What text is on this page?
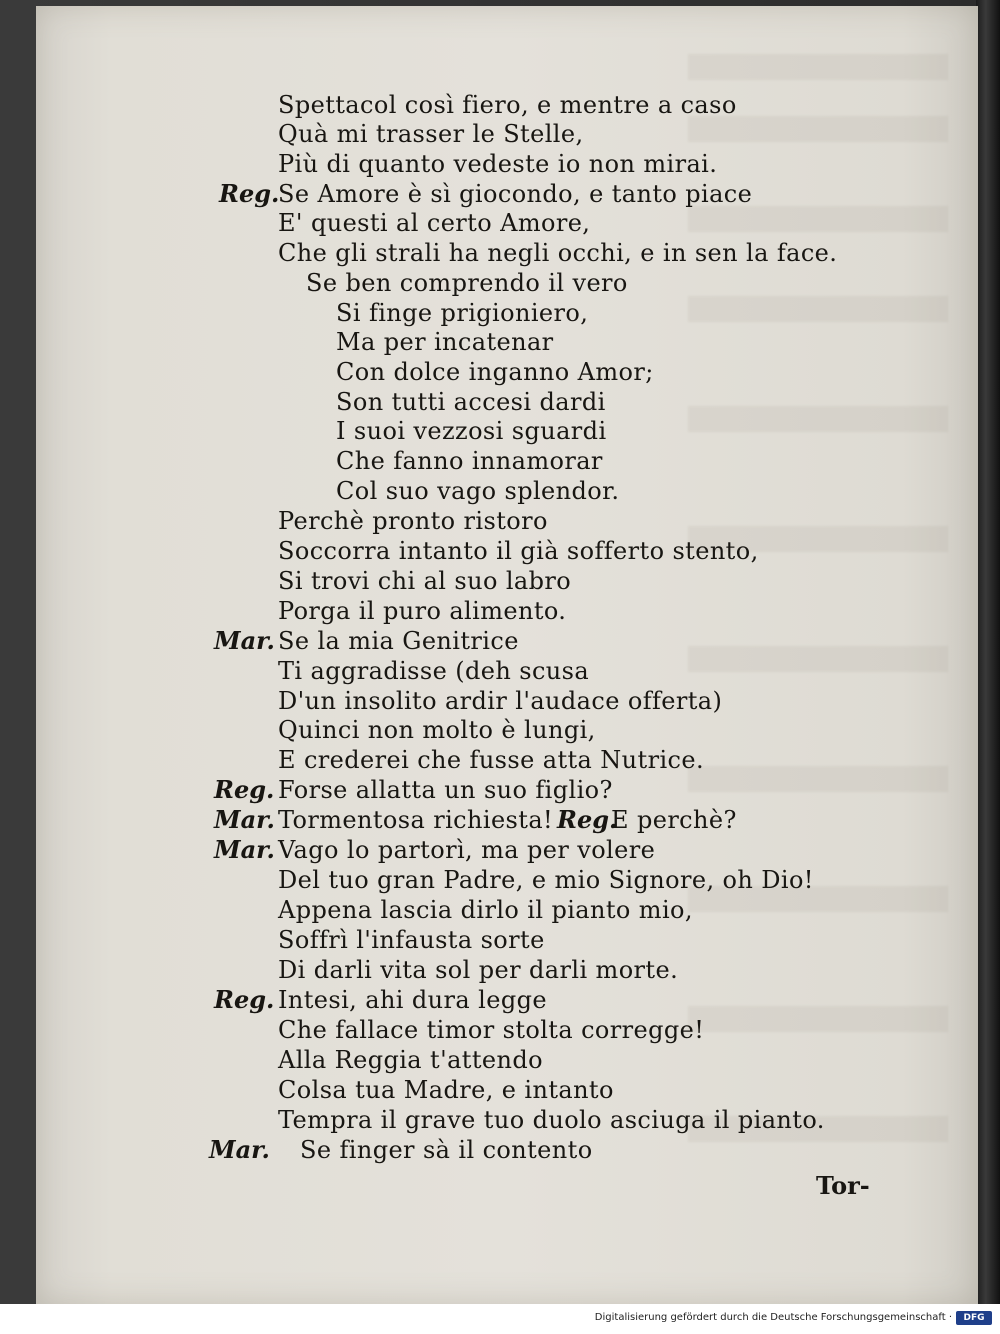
Spettacol così fiero, e mentre a caso
Quà mi trasser le Stelle,
Più di quanto vedeste io non mirai.
Reg.
Se Amore è sì giocondo, e tanto piace
E' questi al certo Amore,
Che gli strali ha negli occhi, e in sen la face.
Se ben comprendo il vero
Si finge prigioniero,
Ma per incatenar
Con dolce inganno Amor;
Son tutti accesi dardi
I suoi vezzosi sguardi
Che fanno innamorar
Col suo vago splendor.
Perchè pronto ristoro
Soccorra intanto il già sofferto stento,
Si trovi chi al suo labro
Porga il puro alimento.
Mar. Se la mia Genitrice
Ti aggradisse (deh scusa
D'un insolito ardir l'audace offerta)
Quinci non molto è lungi,
E crederei che fusse atta Nutrice.
Reg. Forse allatta un suo figlio?
Mar. Tormentosa richiesta! Reg.
E perchè?
Mar. Vago lo partorì, ma per volere
Del tuo gran Padre, e mio Signore, oh Dio!
Appena lascia dirlo il pianto mio,
Soffrì l'infausta sorte
Di darli vita sol per darli morte.
Reg. Intesi, ahi dura legge
Che fallace timor stolta corregge!
Alla Reggia t'attendo
Colsa tua Madre, e intanto
Tempra il grave tuo duolo asciuga il pianto.
Mar. Se finger sà il contento
Tor-
Digitalisierung gefördert durch die Deutsche Forschungsgemeinschaft ·	DFG
